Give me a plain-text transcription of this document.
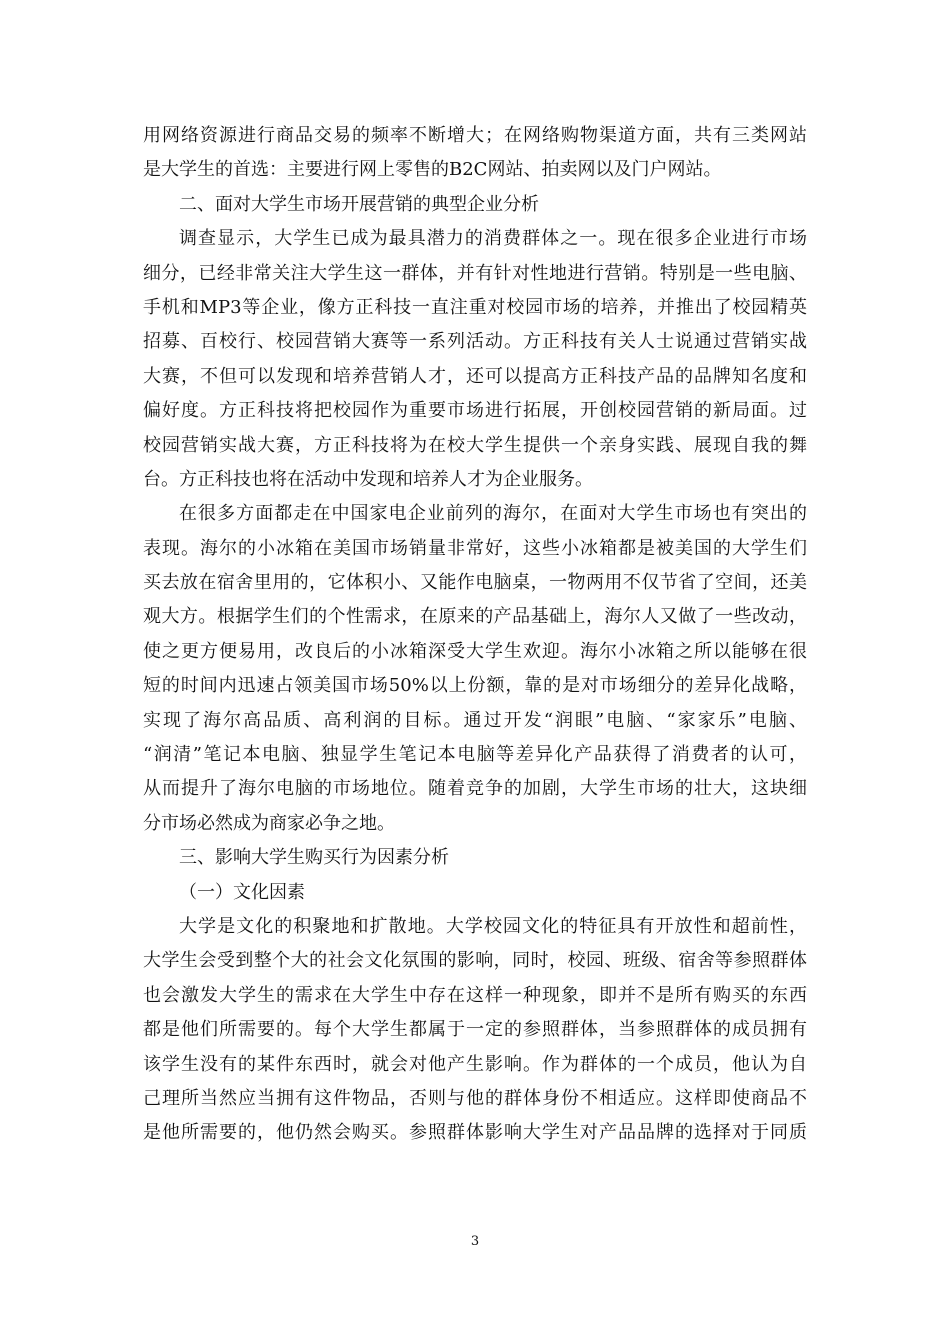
用网络资源进行商品交易的频率不断增大；在网络购物渠道方面，共有三类网站
是大学生的首选：主要进行网上零售的B2C网站、拍卖网以及门户网站。
二、面对大学生市场开展营销的典型企业分析
调查显示，大学生已成为最具潜力的消费群体之一。现在很多企业进行市场
细分，已经非常关注大学生这一群体，并有针对性地进行营销。特别是一些电脑、
手机和MP3等企业，像方正科技一直注重对校园市场的培养，并推出了校园精英
招募、百校行、校园营销大赛等一系列活动。方正科技有关人士说通过营销实战
大赛，不但可以发现和培养营销人才，还可以提高方正科技产品的品牌知名度和
偏好度。方正科技将把校园作为重要市场进行拓展，开创校园营销的新局面。过
校园营销实战大赛，方正科技将为在校大学生提供一个亲身实践、展现自我的舞
台。方正科技也将在活动中发现和培养人才为企业服务。
在很多方面都走在中国家电企业前列的海尔，在面对大学生市场也有突出的
表现。海尔的小冰箱在美国市场销量非常好，这些小冰箱都是被美国的大学生们
买去放在宿舍里用的，它体积小、又能作电脑桌，一物两用不仅节省了空间，还美
观大方。根据学生们的个性需求，在原来的产品基础上，海尔人又做了一些改动，
使之更方便易用，改良后的小冰箱深受大学生欢迎。海尔小冰箱之所以能够在很
短的时间内迅速占领美国市场50%以上份额，靠的是对市场细分的差异化战略，
实现了海尔高品质、高利润的目标。通过开发“润眼”电脑、“家家乐”电脑、
“润清”笔记本电脑、独显学生笔记本电脑等差异化产品获得了消费者的认可，
从而提升了海尔电脑的市场地位。随着竞争的加剧，大学生市场的壮大，这块细
分市场必然成为商家必争之地。
三、影响大学生购买行为因素分析
（一）文化因素
大学是文化的积聚地和扩散地。大学校园文化的特征具有开放性和超前性，
大学生会受到整个大的社会文化氛围的影响，同时，校园、班级、宿舍等参照群体
也会激发大学生的需求在大学生中存在这样一种现象，即并不是所有购买的东西
都是他们所需要的。每个大学生都属于一定的参照群体，当参照群体的成员拥有
该学生没有的某件东西时，就会对他产生影响。作为群体的一个成员，他认为自
己理所当然应当拥有这件物品，否则与他的群体身份不相适应。这样即使商品不
是他所需要的，他仍然会购买。参照群体影响大学生对产品品牌的选择对于同质
3
